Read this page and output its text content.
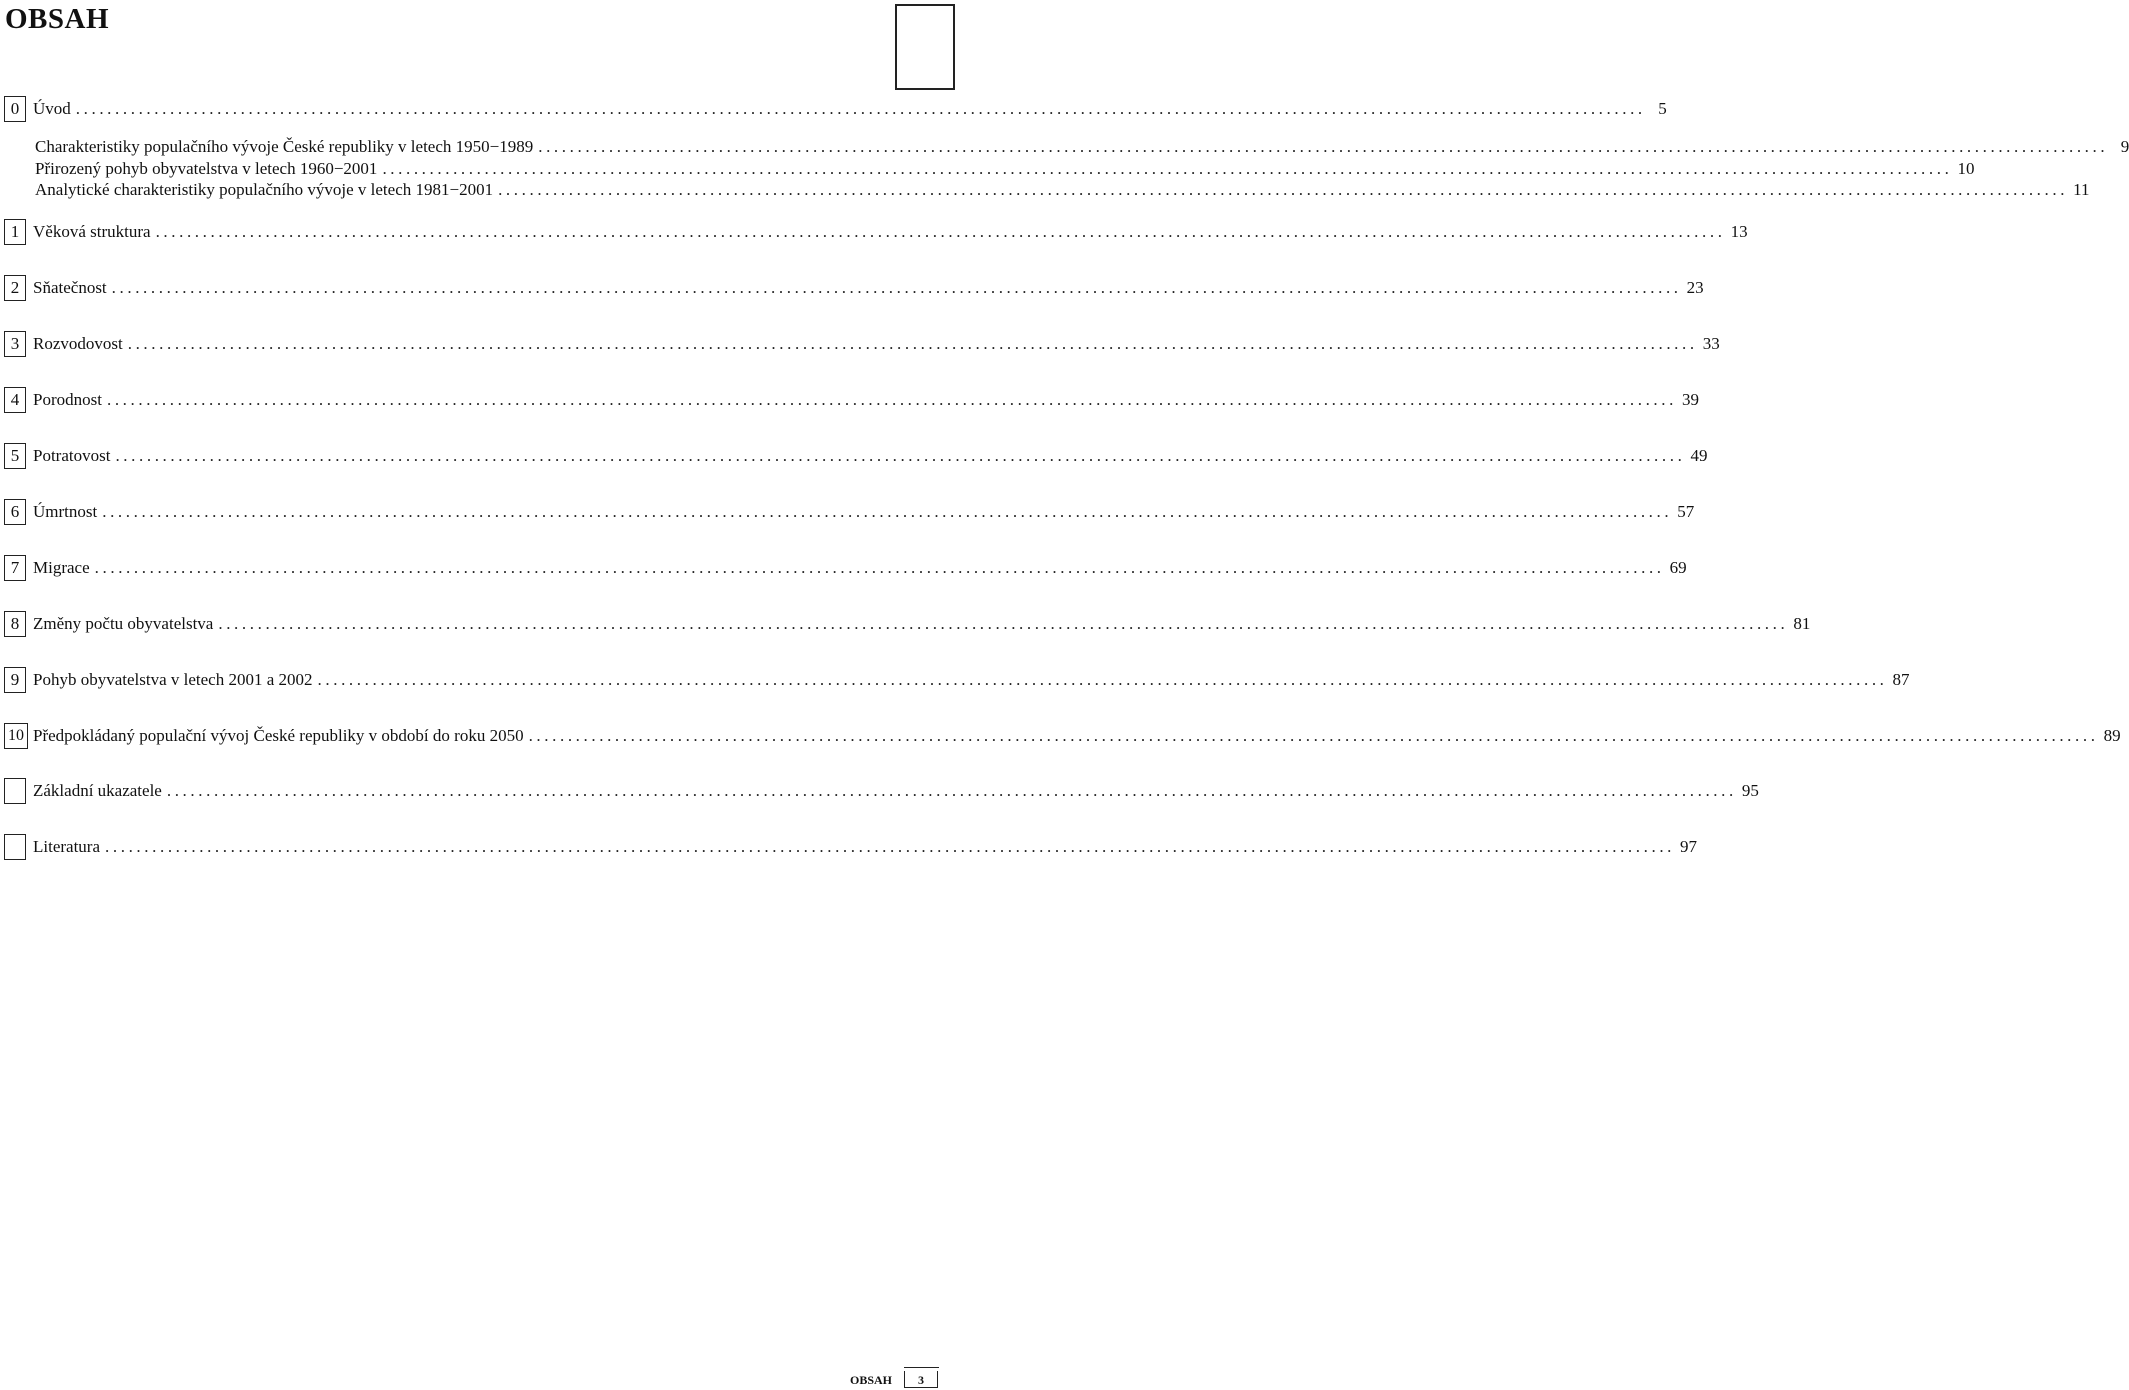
OBSAH
0 Úvod ........................................................................................................................................................................................................ 5
Charakteristiky populačního vývoje České republiky v letech 1950−1989 ........................................................................................................................................................................................................ 9
Přirozený pohyb obyvatelstva v letech 1960−2001 ........................................................................................................................................................................................................ 10
Analytické charakteristiky populačního vývoje v letech 1981−2001 ........................................................................................................................................................................................................ 11
1 Věková struktura ........................................................................................................................................................................................................ 13
2 Sňatečnost ........................................................................................................................................................................................................ 23
3 Rozvodovost ........................................................................................................................................................................................................ 33
4 Porodnost ........................................................................................................................................................................................................ 39
5 Potratovost ........................................................................................................................................................................................................ 49
6 Úmrtnost ........................................................................................................................................................................................................ 57
7 Migrace ........................................................................................................................................................................................................ 69
8 Změny počtu obyvatelstva ........................................................................................................................................................................................................ 81
9 Pohyb obyvatelstva v letech 2001 a 2002 ........................................................................................................................................................................................................ 87
10 Předpokládaný populační vývoj České republiky v období do roku 2050 ........................................................................................................................................................................................................ 89
Základní ukazatele ........................................................................................................................................................................................................ 95
Literatura ........................................................................................................................................................................................................ 97
OBSAH	3
